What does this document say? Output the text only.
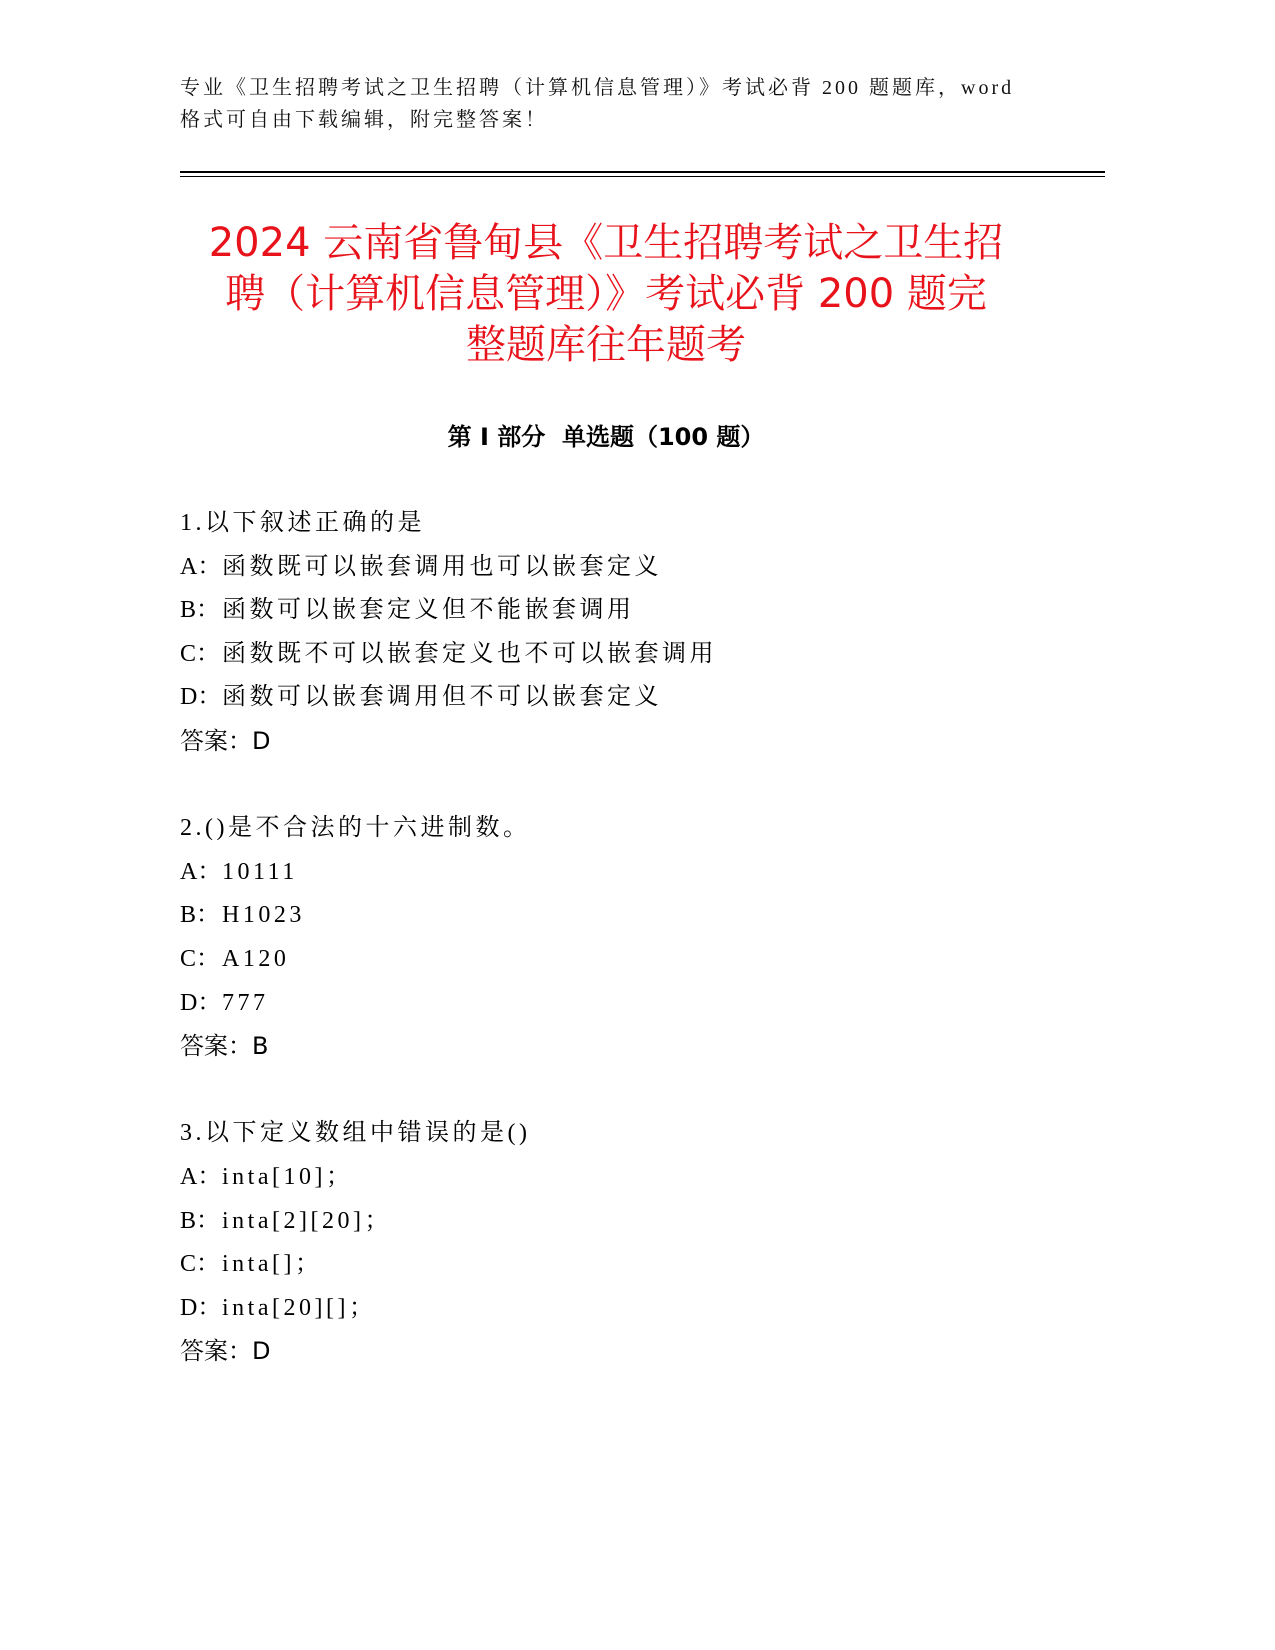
专业《卫生招聘考试之卫生招聘（计算机信息管理）》考试必背 200 题题库，word
格式可自由下载编辑，附完整答案！
2024 云南省鲁甸县《卫生招聘考试之卫生招
聘（计算机信息管理）》考试必背 200 题完
整题库往年题考
第 I 部分  单选题（100 题）
1.以下叙述正确的是
A：函数既可以嵌套调用也可以嵌套定义
B：函数可以嵌套定义但不能嵌套调用
C：函数既不可以嵌套定义也不可以嵌套调用
D：函数可以嵌套调用但不可以嵌套定义
答案：D
2.()是不合法的十六进制数。
A：10111
B：H1023
C：A120
D：777
答案：B
3.以下定义数组中错误的是()
A：inta[10]；
B：inta[2][20]；
C：inta[]；
D：inta[20][]；
答案：D
